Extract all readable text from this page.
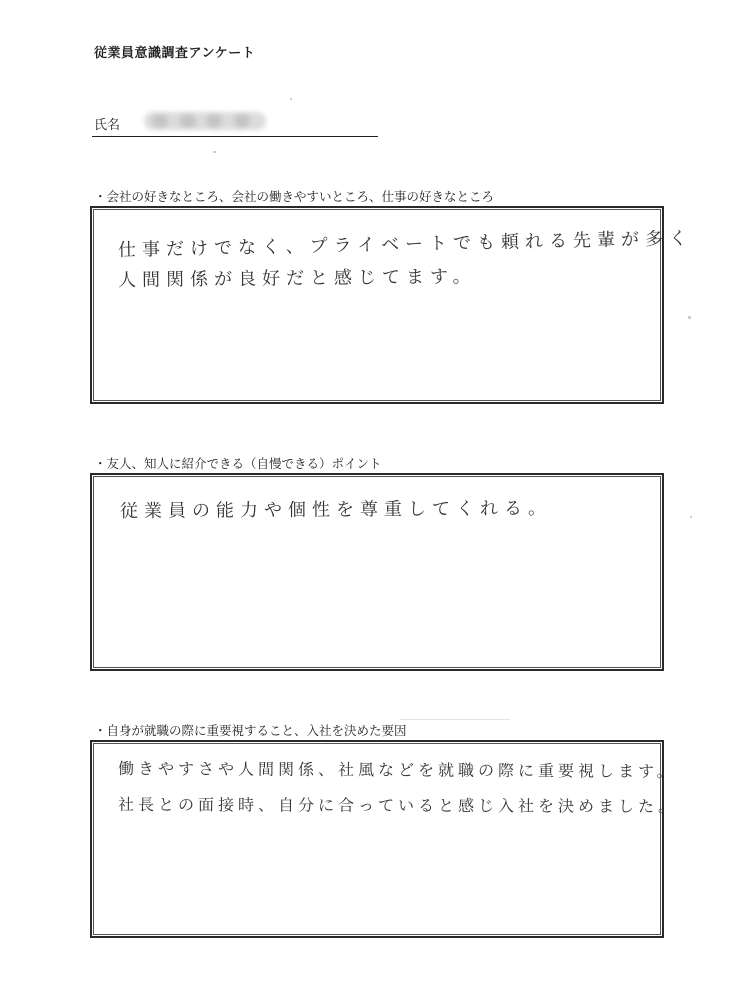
従業員意識調査アンケート
氏名
・会社の好きなところ、会社の働きやすいところ、仕事の好きなところ
仕事だけでなく、プライベートでも頼れる先輩が多く
人間関係が良好だと感じてます。
・友人、知人に紹介できる（自慢できる）ポイント
従業員の能力や個性を尊重してくれる。
・自身が就職の際に重要視すること、入社を決めた要因
働きやすさや人間関係、社風などを就職の際に重要視します。
社長との面接時、自分に合っていると感じ入社を決めました。
